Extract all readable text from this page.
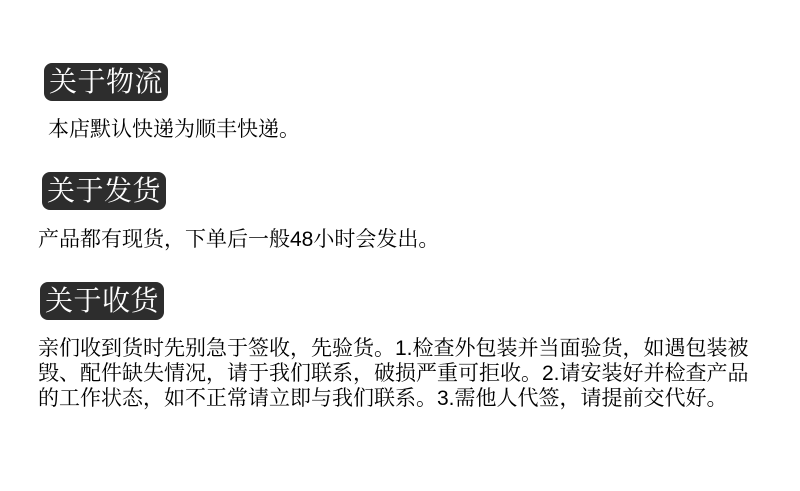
关于物流
本店默认快递为顺丰快递。
关于发货
产品都有现货，下单后一般48小时会发出。
关于收货
亲们收到货时先别急于签收，先验货。1.检查外包装并当面验货，如遇包装被
毁、配件缺失情况，请于我们联系，破损严重可拒收。2.请安装好并检查产品
的工作状态，如不正常请立即与我们联系。3.需他人代签，请提前交代好。
